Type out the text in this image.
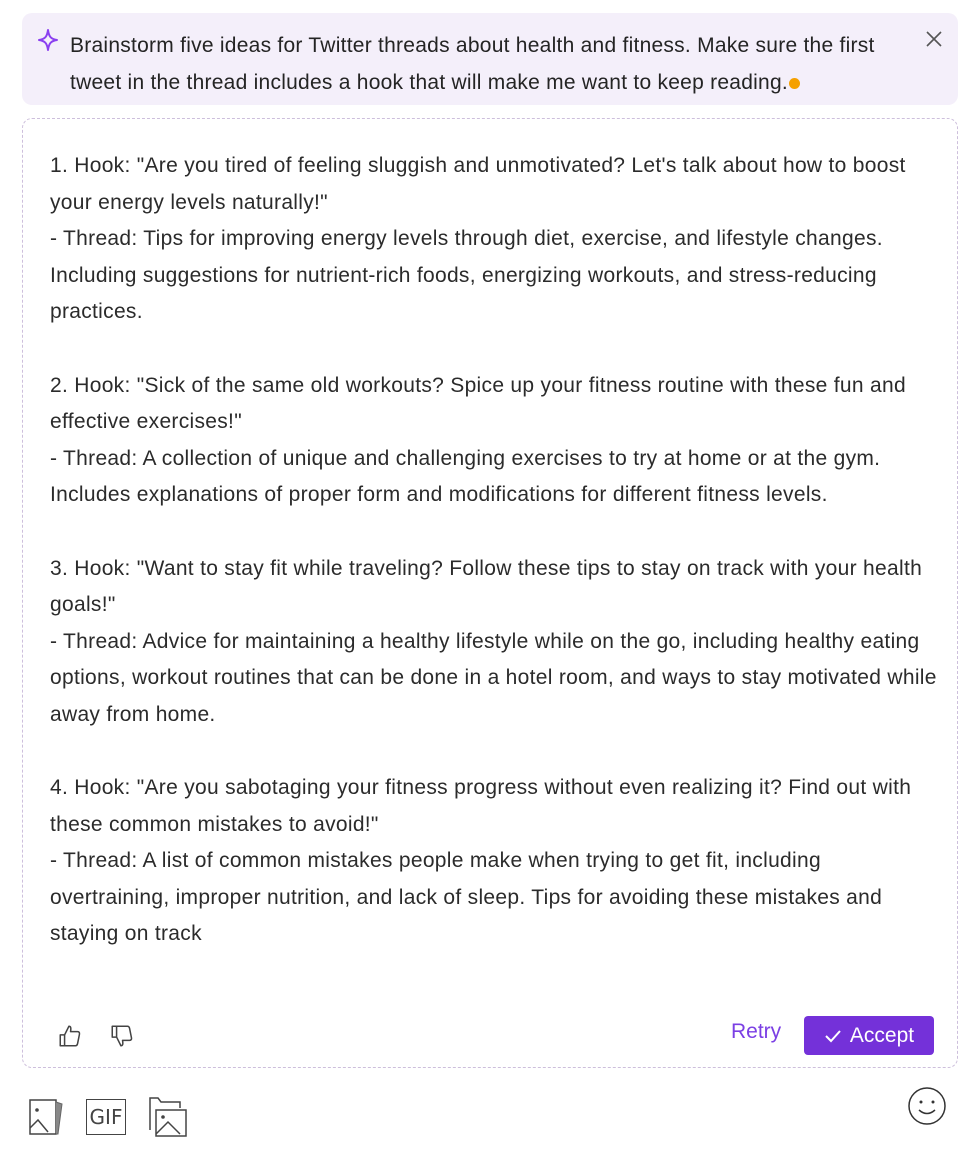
Brainstorm five ideas for Twitter threads about health and fitness. Make sure the first tweet in the thread includes a hook that will make me want to keep reading.

1. Hook: "Are you tired of feeling sluggish and unmotivated? Let's talk about how to boost your energy levels naturally!"

- Thread: Tips for improving energy levels through diet, exercise, and lifestyle changes. Including suggestions for nutrient-rich foods, energizing workouts, and stress-reducing practices.

2. Hook: "Sick of the same old workouts? Spice up your fitness routine with these fun and effective exercises!"

- Thread: A collection of unique and challenging exercises to try at home or at the gym. Includes explanations of proper form and modifications for different fitness levels.

3. Hook: "Want to stay fit while traveling? Follow these tips to stay on track with your health goals!"

- Thread: Advice for maintaining a healthy lifestyle while on the go, including healthy eating options, workout routines that can be done in a hotel room, and ways to stay motivated while away from home.

4. Hook: "Are you sabotaging your fitness progress without even realizing it? Find out with these common mistakes to avoid!"

- Thread: A list of common mistakes people make when trying to get fit, including overtraining, improper nutrition, and lack of sleep. Tips for avoiding these mistakes and staying on track

Retry	Accept
GIF
